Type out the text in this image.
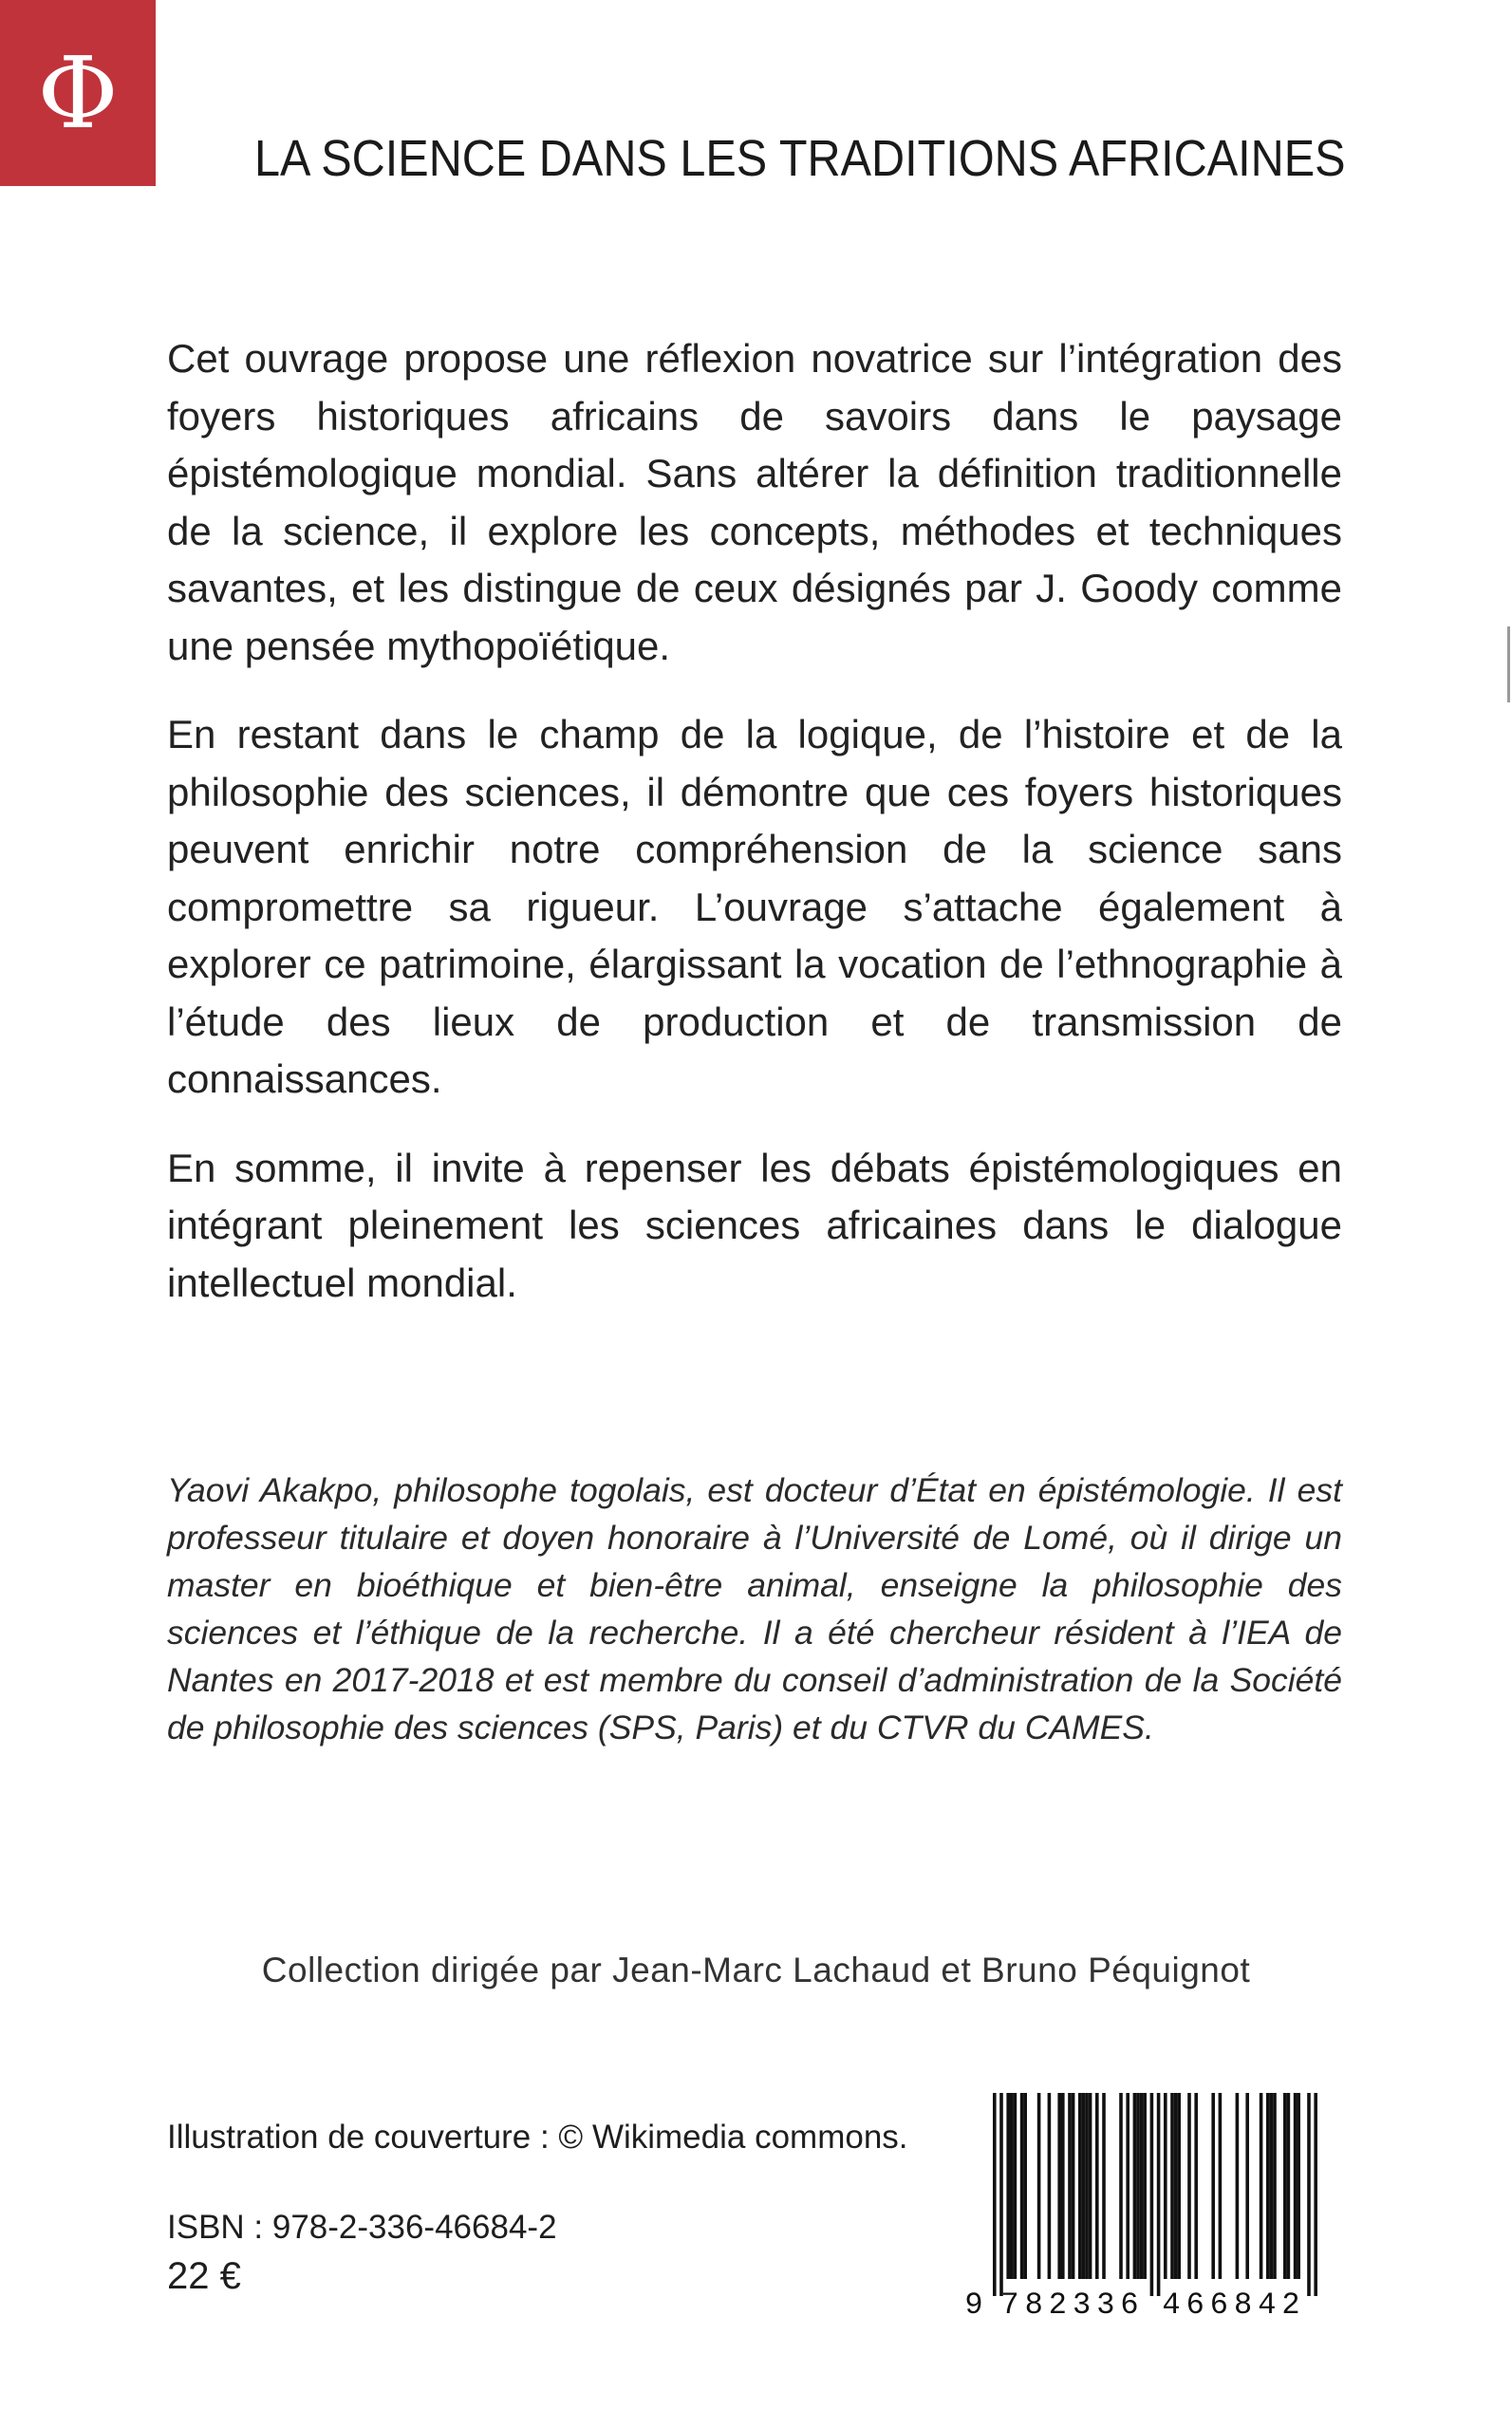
Φ
LA SCIENCE DANS LES TRADITIONS AFRICAINES

Cet ouvrage propose une réflexion novatrice sur l’intégration des foyers historiques africains de savoirs dans le paysage épistémologique mondial. Sans altérer la définition traditionnelle de la science, il explore les concepts, méthodes et techniques savantes, et les distingue de ceux désignés par J. Goody comme une pensée mythopoïétique.

En restant dans le champ de la logique, de l’histoire et de la philosophie des sciences, il démontre que ces foyers historiques peuvent enrichir notre compréhension de la science sans compromettre sa rigueur. L’ouvrage s’attache également à explorer ce patrimoine, élargissant la vocation de l’ethnographie à l’étude des lieux de production et de transmission de connaissances.

En somme, il invite à repenser les débats épistémologiques en intégrant pleinement les sciences africaines dans le dialogue intellectuel mondial.

Yaovi Akakpo, philosophe togolais, est docteur d’État en épistémologie. Il est professeur titulaire et doyen honoraire à l’Université de Lomé, où il dirige un master en bioéthique et bien-être animal, enseigne la philosophie des sciences et l’éthique de la recherche. Il a été chercheur résident à l’IEA de Nantes en 2017-2018 et est membre du conseil d’administration de la Société de philosophie des sciences (SPS, Paris) et du CTVR du CAMES.

Collection dirigée par Jean-Marc Lachaud et Bruno Péquignot
Illustration de couverture : © Wikimedia commons.
ISBN : 978-2-336-46684-2
22 €
9 782336 466842
